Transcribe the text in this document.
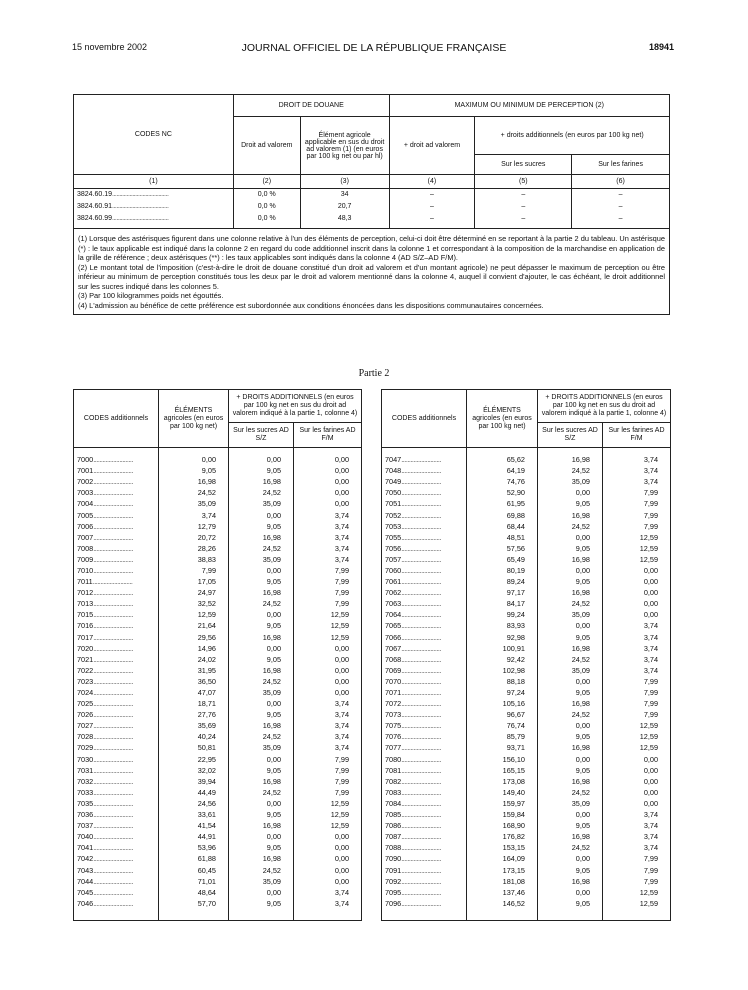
15 novembre 2002	JOURNAL OFFICIEL DE LA RÉPUBLIQUE FRANÇAISE	18941
CODES NC	DROIT DE DOUANE		MAXIMUM OU MINIMUM DE PERCEPTION (2)		
	Droit ad valorem	Élément agricole applicable en sus du droit ad valorem (1) (en euros par 100 kg net ou par hl)	+ droit ad valorem	+ droits additionnels (en euros par 100 kg net)	
				Sur les sucres	Sur les farines
(1)	(2)	(3)	(4)	(5)	(6)
3824.60.19.......................................	0,0 %	34	–	–	–
3824.60.91.......................................	0,0 %	20,7	–	–	–
3824.60.99.......................................	0,0 %	48,3	–	–	–

(1) Lorsque des astérisques figurent dans une colonne relative à l'un des éléments de perception, celui-ci doit être déterminé en se reportant à la partie 2 du tableau. Un astérisque (*) : le taux applicable est indiqué dans la colonne 2 en regard du code additionnel inscrit dans la colonne 1 et correspondant à la composition de la marchandise en application de la grille de référence ; deux astérisques (**) : les taux applicables sont indiqués dans la colonne 4 (AD S/Z–AD F/M).

(2) Le montant total de l'imposition (c'est-à-dire le droit de douane constitué d'un droit ad valorem et d'un montant agricole) ne peut dépasser le maximum de perception ou être inférieur au minimum de perception constitués tous les deux par le droit ad valorem mentionné dans la colonne 4, auquel il convient d'ajouter, le cas échéant, le droit additionnel sur les sucres indiqué dans les colonnes 5.

(3) Par 100 kilogrammes poids net égouttés.

(4) L'admission au bénéfice de cette préférence est subordonnée aux conditions énoncées dans les dispositions communautaires concernées.					

Partie 2
CODES additionnels	ÉLÉMENTS agricoles (en euros par 100 kg net)	+ DROITS ADDITIONNELS (en euros par 100 kg net en sus du droit ad valorem indiqué à la partie 1, colonne 4)	
		Sur les sucres AD S/Z	Sur les farines AD F/M

7000..........................	0,00	0,00	0,00
7001..........................	9,05	9,05	0,00
7002..........................	16,98	16,98	0,00
7003..........................	24,52	24,52	0,00
7004..........................	35,09	35,09	0,00
7005..........................	3,74	0,00	3,74
7006..........................	12,79	9,05	3,74
7007..........................	20,72	16,98	3,74
7008..........................	28,26	24,52	3,74
7009..........................	38,83	35,09	3,74
7010..........................	7,99	0,00	7,99
7011..........................	17,05	9,05	7,99
7012..........................	24,97	16,98	7,99
7013..........................	32,52	24,52	7,99
7015..........................	12,59	0,00	12,59
7016..........................	21,64	9,05	12,59
7017..........................	29,56	16,98	12,59
7020..........................	14,96	0,00	0,00
7021..........................	24,02	9,05	0,00
7022..........................	31,95	16,98	0,00
7023..........................	36,50	24,52	0,00
7024..........................	47,07	35,09	0,00
7025..........................	18,71	0,00	3,74
7026..........................	27,76	9,05	3,74
7027..........................	35,69	16,98	3,74
7028..........................	40,24	24,52	3,74
7029..........................	50,81	35,09	3,74
7030..........................	22,95	0,00	7,99
7031..........................	32,02	9,05	7,99
7032..........................	39,94	16,98	7,99
7033..........................	44,49	24,52	7,99
7035..........................	24,56	0,00	12,59
7036..........................	33,61	9,05	12,59
7037..........................	41,54	16,98	12,59
7040..........................	44,91	0,00	0,00
7041..........................	53,96	9,05	0,00
7042..........................	61,88	16,98	0,00
7043..........................	60,45	24,52	0,00
7044..........................	71,01	35,09	0,00
7045..........................	48,64	0,00	3,74
7046..........................	57,70	9,05	3,74

CODES additionnels	ÉLÉMENTS agricoles (en euros par 100 kg net)	+ DROITS ADDITIONNELS (en euros par 100 kg net en sus du droit ad valorem indiqué à la partie 1, colonne 4)	
		Sur les sucres AD S/Z	Sur les farines AD F/M

7047..........................	65,62	16,98	3,74
7048..........................	64,19	24,52	3,74
7049..........................	74,76	35,09	3,74
7050..........................	52,90	0,00	7,99
7051..........................	61,95	9,05	7,99
7052..........................	69,88	16,98	7,99
7053..........................	68,44	24,52	7,99
7055..........................	48,51	0,00	12,59
7056..........................	57,56	9,05	12,59
7057..........................	65,49	16,98	12,59
7060..........................	80,19	0,00	0,00
7061..........................	89,24	9,05	0,00
7062..........................	97,17	16,98	0,00
7063..........................	84,17	24,52	0,00
7064..........................	99,24	35,09	0,00
7065..........................	83,93	0,00	3,74
7066..........................	92,98	9,05	3,74
7067..........................	100,91	16,98	3,74
7068..........................	92,42	24,52	3,74
7069..........................	102,98	35,09	3,74
7070..........................	88,18	0,00	7,99
7071..........................	97,24	9,05	7,99
7072..........................	105,16	16,98	7,99
7073..........................	96,67	24,52	7,99
7075..........................	76,74	0,00	12,59
7076..........................	85,79	9,05	12,59
7077..........................	93,71	16,98	12,59
7080..........................	156,10	0,00	0,00
7081..........................	165,15	9,05	0,00
7082..........................	173,08	16,98	0,00
7083..........................	149,40	24,52	0,00
7084..........................	159,97	35,09	0,00
7085..........................	159,84	0,00	3,74
7086..........................	168,90	9,05	3,74
7087..........................	176,82	16,98	3,74
7088..........................	153,15	24,52	3,74
7090..........................	164,09	0,00	7,99
7091..........................	173,15	9,05	7,99
7092..........................	181,08	16,98	7,99
7095..........................	137,46	0,00	12,59
7096..........................	146,52	9,05	12,59
